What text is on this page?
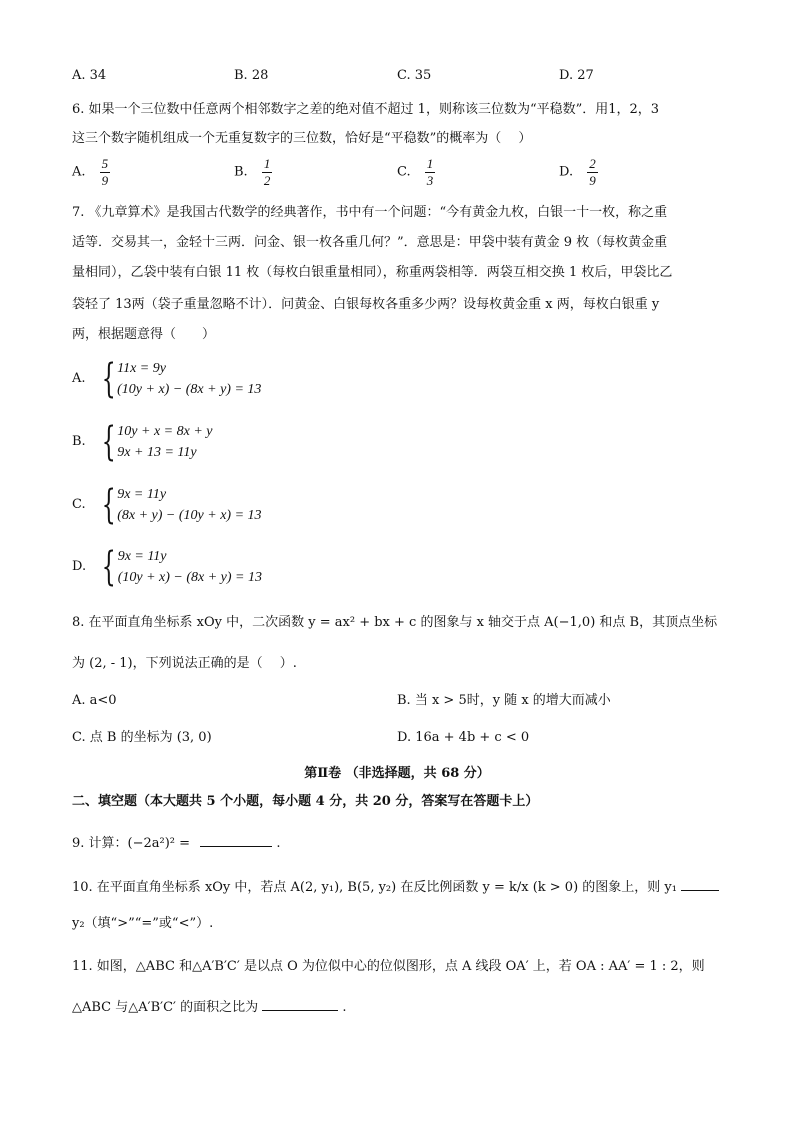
A. 34	B. 28	C. 35	D. 27
6. 如果一个三位数中任意两个相邻数字之差的绝对值不超过 1，则称该三位数为“平稳数”．用1，2，3
这三个数字随机组成一个无重复数字的三位数，恰好是“平稳数”的概率为（　 ）
A. $\frac{5}{9}$	B. $\frac{1}{2}$	C. $\frac{1}{3}$	D. $\frac{2}{9}$
7. 《九章算术》是我国古代数学的经典著作，书中有一个问题：“今有黄金九枚，白银一十一枚，称之重
适等．交易其一，金轻十三两．问金、银一枚各重几何？”．意思是：甲袋中装有黄金 9 枚（每枚黄金重
量相同），乙袋中装有白银 11 枚（每枚白银重量相同），称重两袋相等．两袋互相交换 1 枚后，甲袋比乙
袋轻了 13两（袋子重量忽略不计）．问黄金、白银每枚各重多少两？设每枚黄金重 x 两，每枚白银重 y
两，根据题意得（　　）
A. { 11x = 9y
(10y + x) − (8x + y) = 13
B. { 10y + x = 8x + y
9x + 13 = 11y
C. { 9x = 11y
(8x + y) − (10y + x) = 13
D. { 9x = 11y
(10y + x) − (8x + y) = 13
8. 在平面直角坐标系 xOy 中，二次函数 y = ax² + bx + c 的图象与 x 轴交于点 A(−1,0) 和点 B，其顶点坐标
为 (2, - 1)，下列说法正确的是（　 ）.
A. a<0	B. 当 x > 5时，y 随 x 的增大而减小
C. 点 B 的坐标为 (3, 0)	D. 16a + 4b + c < 0
第Ⅱ卷 （非选择题，共 68 分）
二、填空题（本大题共 5 个小题，每小题 4 分，共 20 分，答案写在答题卡上）
9. 计算：(−2a²)² =	.
10. 在平面直角坐标系 xOy 中，若点 A(2, y₁), B(5, y₂) 在反比例函数 y = k/x (k > 0) 的图象上，则 y₁
y₂（填“>”“=”或“<”）.
11. 如图，△ABC 和△A′B′C′ 是以点 O 为位似中心的位似图形，点 A 线段 OA′ 上，若 OA : AA′ = 1 : 2，则
△ABC 与△A′B′C′ 的面积之比为	.
